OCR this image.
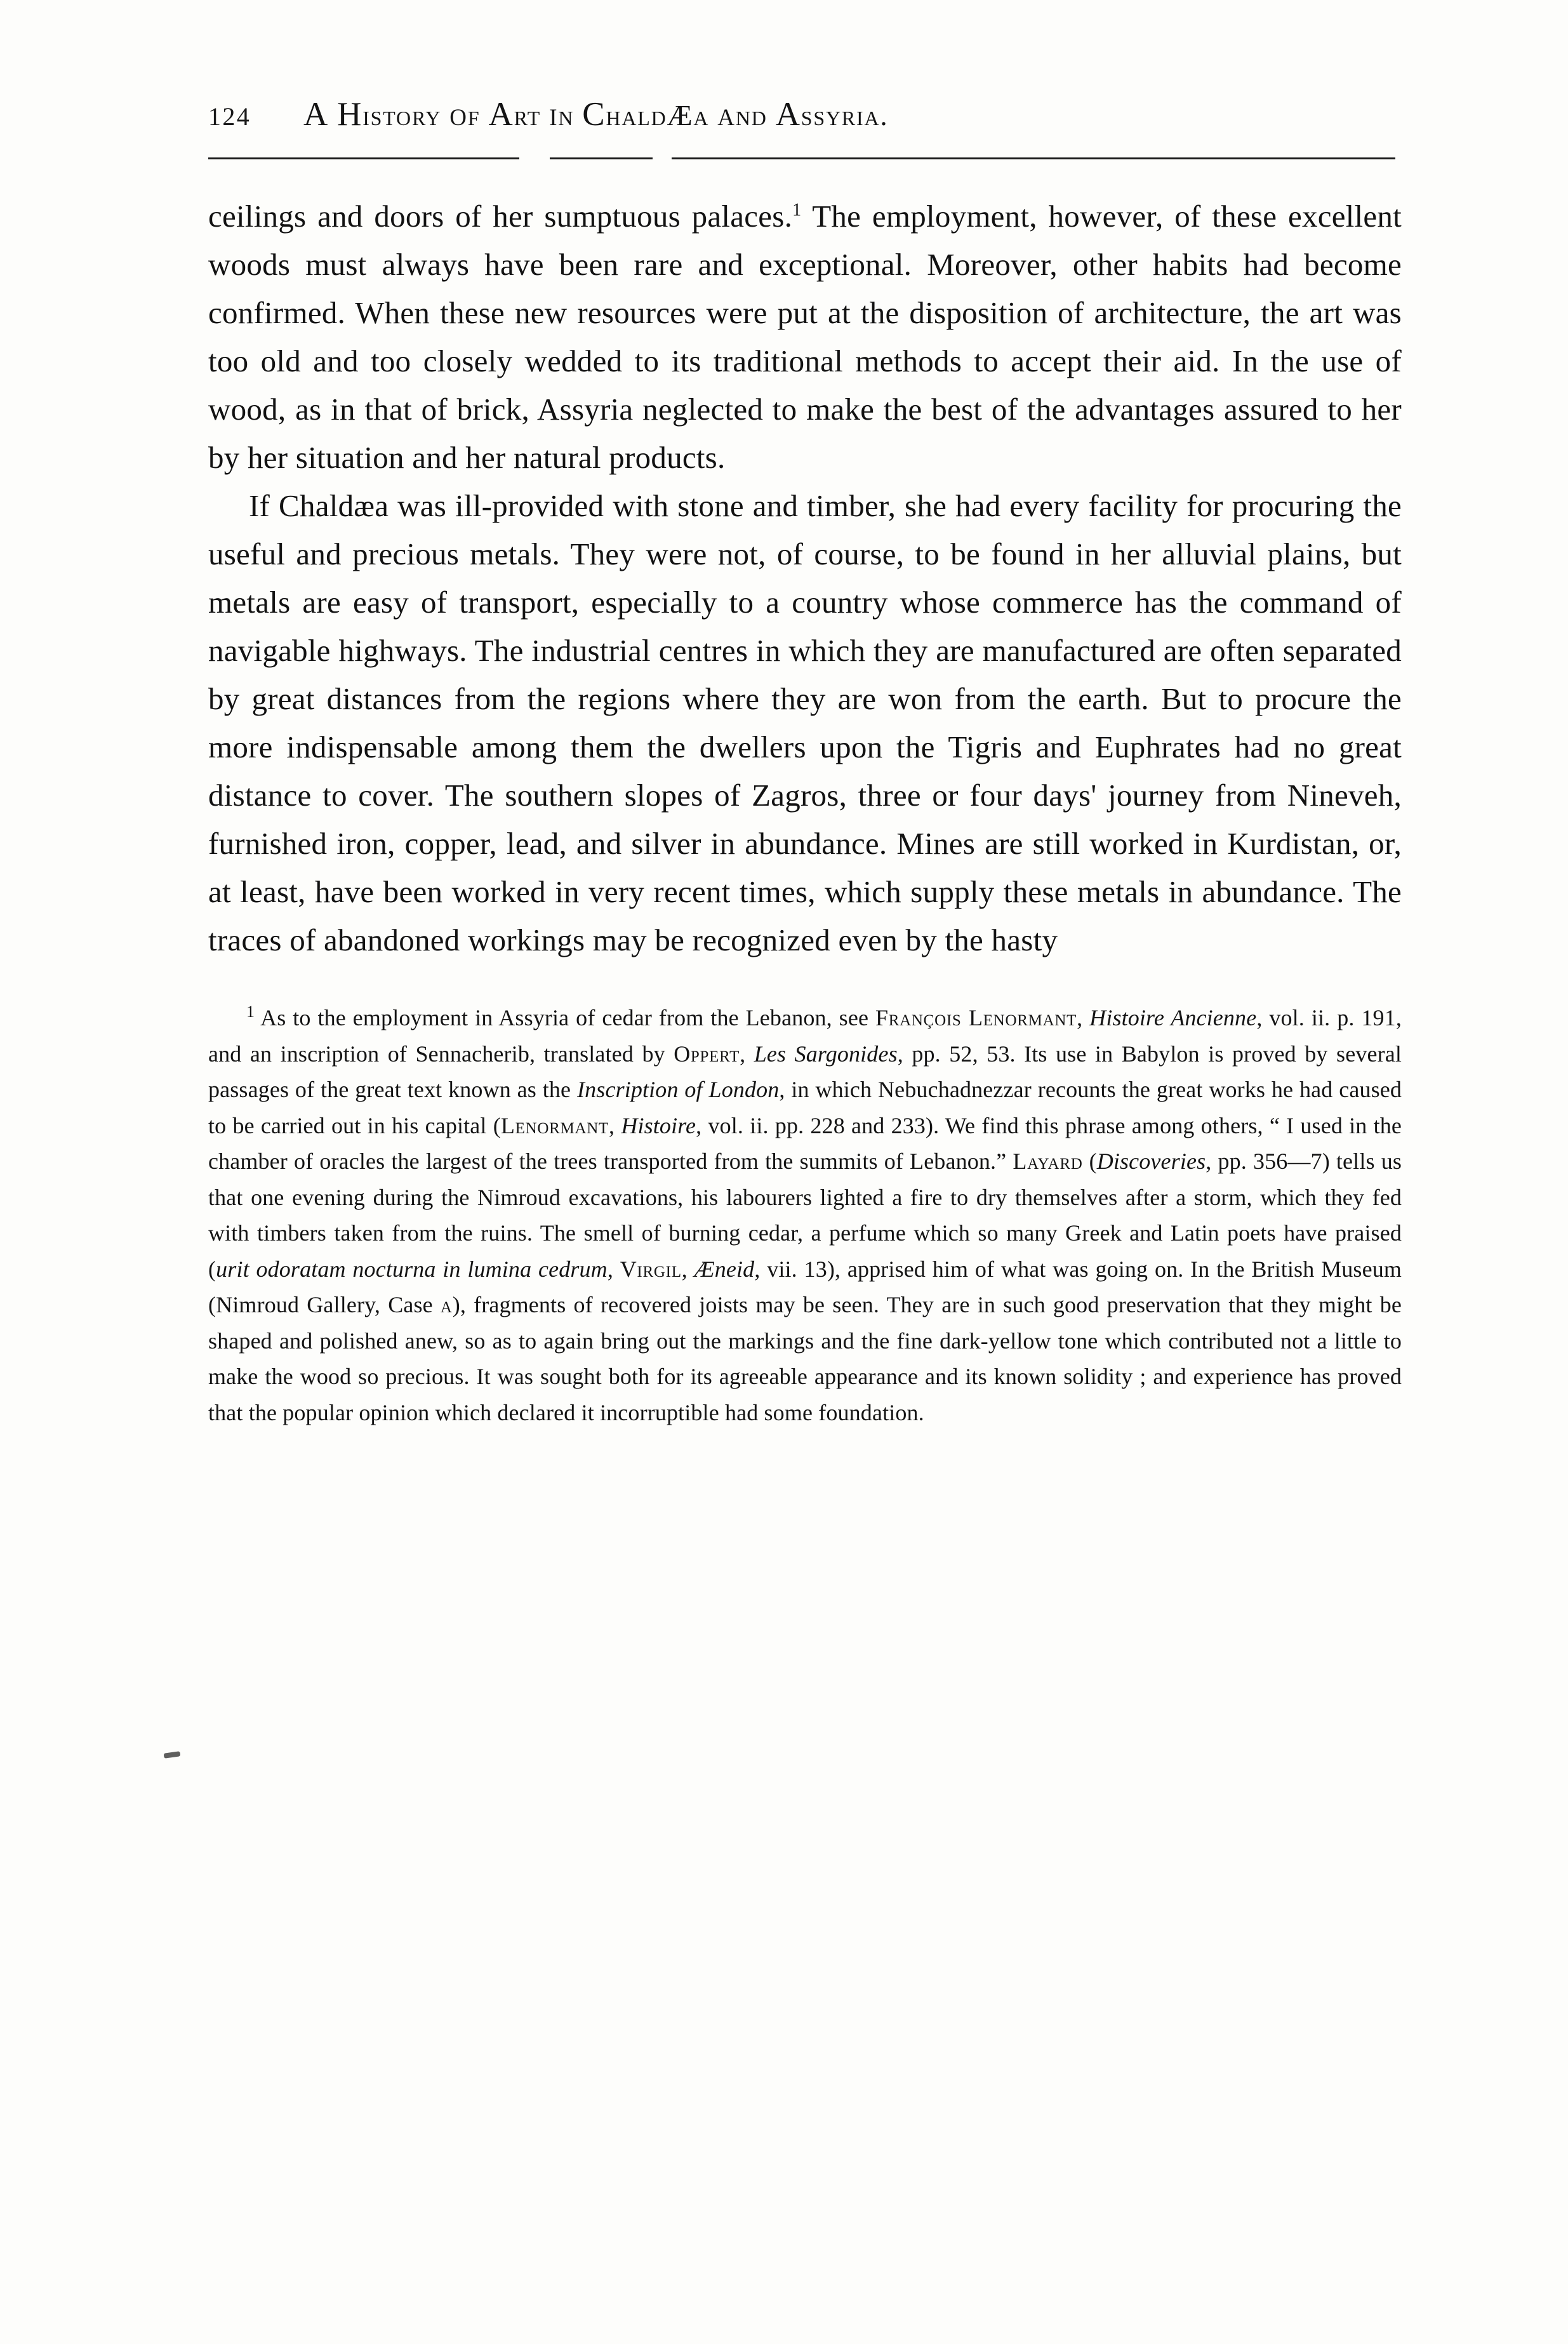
124	A History of Art in ChaldÆa and Assyria.

ceilings and doors of her sumptuous palaces.$^1$ The employment, however, of these excellent woods must always have been rare and exceptional. Moreover, other habits had become confirmed. When these new resources were put at the disposition of architecture, the art was too old and too closely wedded to its traditional methods to accept their aid. In the use of wood, as in that of brick, Assyria neglected to make the best of the advantages assured to her by her situation and her natural products.

If Chaldæa was ill-provided with stone and timber, she had every facility for procuring the useful and precious metals. They were not, of course, to be found in her alluvial plains, but metals are easy of transport, especially to a country whose commerce has the command of navigable highways. The industrial centres in which they are manufactured are often separated by great distances from the regions where they are won from the earth. But to procure the more indispensable among them the dwellers upon the Tigris and Euphrates had no great distance to cover. The southern slopes of Zagros, three or four days' journey from Nineveh, furnished iron, copper, lead, and silver in abundance. Mines are still worked in Kurdistan, or, at least, have been worked in very recent times, which supply these metals in abundance. The traces of abandoned workings may be recognized even by the hasty

$^1$ As to the employment in Assyria of cedar from the Lebanon, see François Lenormant, Histoire Ancienne, vol. ii. p. 191, and an inscription of Sennacherib, translated by Oppert, Les Sargonides, pp. 52, 53. Its use in Babylon is proved by several passages of the great text known as the Inscription of London, in which Nebuchadnezzar recounts the great works he had caused to be carried out in his capital (Lenormant, Histoire, vol. ii. pp. 228 and 233). We find this phrase among others, “ I used in the chamber of oracles the largest of the trees transported from the summits of Lebanon.” Layard (Discoveries, pp. 356—7) tells us that one evening during the Nimroud excavations, his labourers lighted a fire to dry themselves after a storm, which they fed with timbers taken from the ruins. The smell of burning cedar, a perfume which so many Greek and Latin poets have praised (urit odoratam nocturna in lumina cedrum, Virgil, Æneid, vii. 13), apprised him of what was going on. In the British Museum (Nimroud Gallery, Case a), fragments of recovered joists may be seen. They are in such good preservation that they might be shaped and polished anew, so as to again bring out the markings and the fine dark-yellow tone which contributed not a little to make the wood so precious. It was sought both for its agreeable appearance and its known solidity ; and experience has proved that the popular opinion which declared it incorruptible had some foundation.
